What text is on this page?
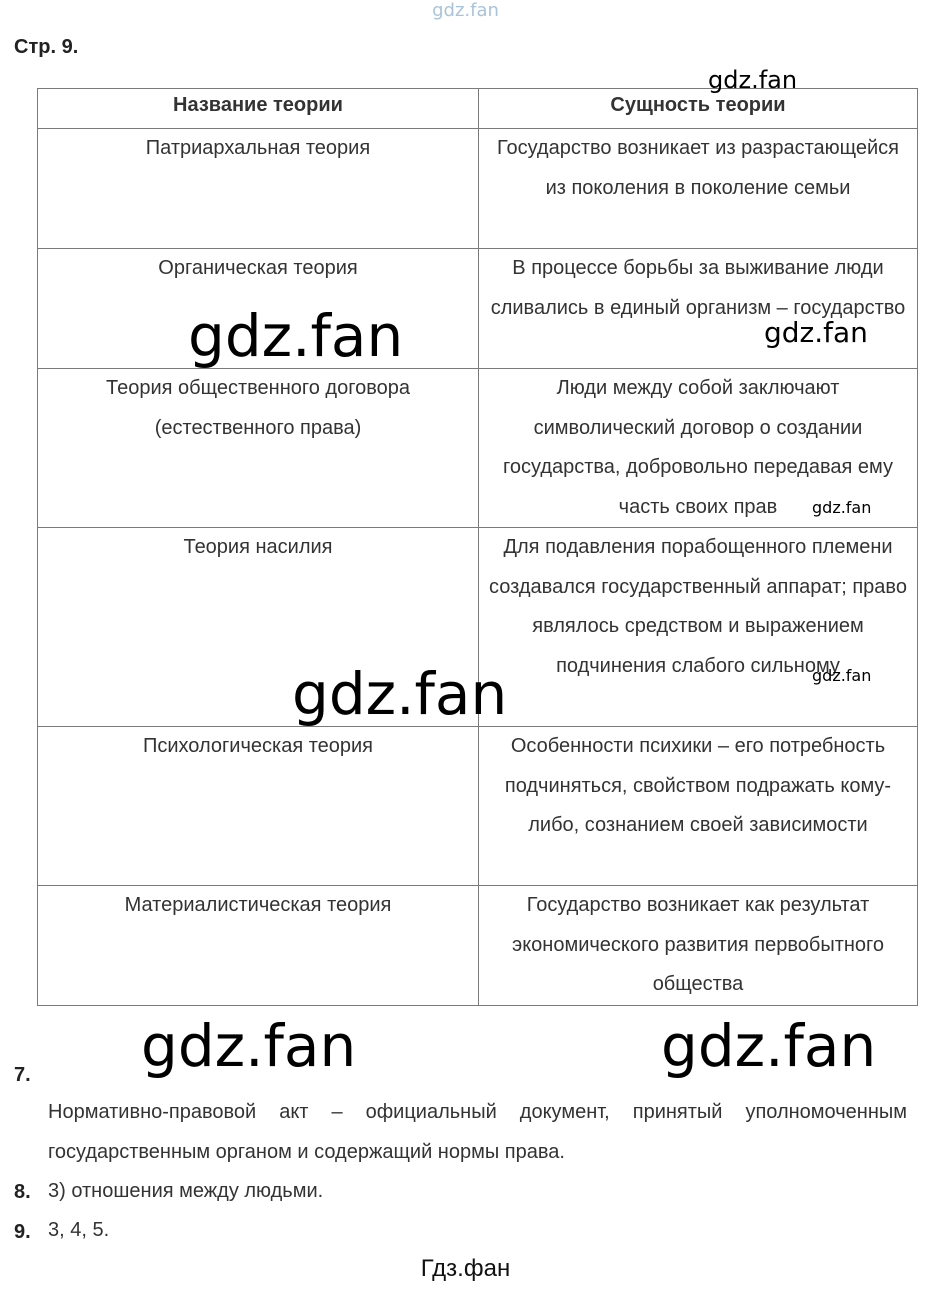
gdz.fan
Стр. 9.
Название теории	Сущность теории
Патриархальная теория	Государство возникает из разрастающейся из поколения в поколение семьи
Органическая теория	В процессе борьбы за выживание люди сливались в единый организм – государство
Теория общественного договора (естественного права)	Люди между собой заключают символический договор о создании государства, добровольно передавая ему часть своих прав
Теория насилия	Для подавления порабощенного племени создавался государственный аппарат; право являлось средством и выражением подчинения слабого сильному
Психологическая теория	Особенности психики – его потребность подчиняться, свойством подражать кому-либо, сознанием своей зависимости
Материалистическая теория	Государство возникает как результат экономического развития первобытного общества
gdz.fan
gdz.fan	gdz.fan
gdz.fan
gdz.fan	gdz.fan
gdz.fan	gdz.fan
7.
Нормативно-правовой акт – официальный документ, принятый уполномоченным государственным органом и содержащий нормы права.
8. 3) отношения между людьми.
9. 3, 4, 5.
Гдз.фан
